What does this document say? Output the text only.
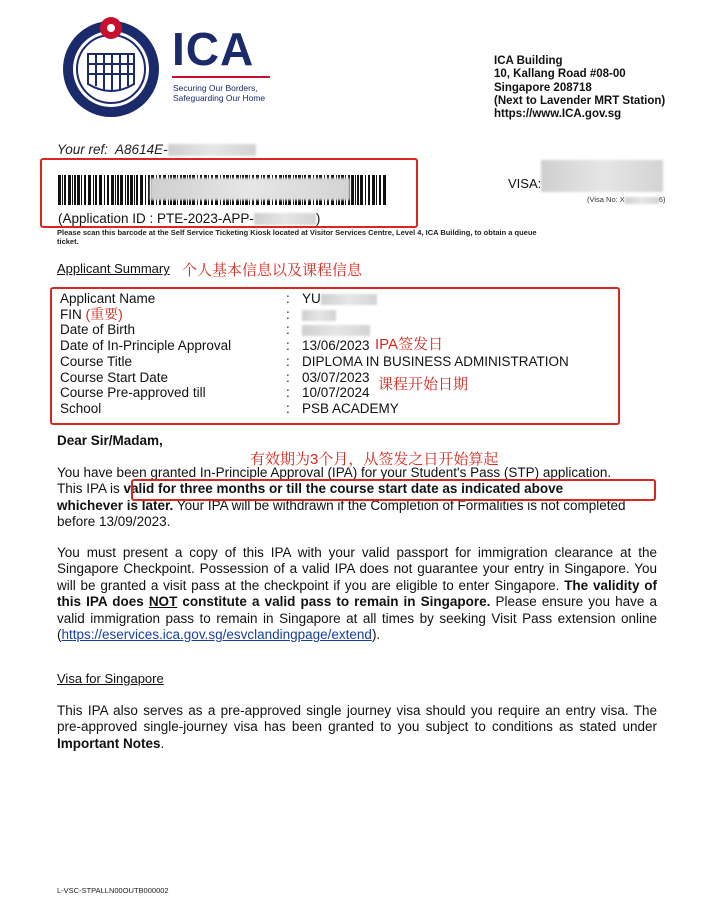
ICA
Securing Our Borders,
Safeguarding Our Home
ICA Building
10, Kallang Road #08-00
Singapore 208718
(Next to Lavender MRT Station)
https://www.ICA.gov.sg
Your ref: A8614E-
(Application ID : PTE-2023-APP-	)
VISA:
(Visa No: X	6)
Please scan this barcode at the Self Service Ticketing Kiosk located at Visitor Services Centre, Level 4, ICA Building, to obtain a queue ticket.
Applicant Summary 个人基本信息以及课程信息
Applicant Name
FIN (重要)
Date of Birth
Date of In-Principle Approval
Course Title
Course Start Date
Course Pre-approved till
School
:
:
:
:
:
:
:
:
YU

13/06/2023
DIPLOMA IN BUSINESS ADMINISTRATION
03/07/2023
10/07/2024
PSB ACADEMY
IPA签发日
课程开始日期
Dear Sir/Madam,
有效期为3个月，从签发之日开始算起
You have been granted In-Principle Approval (IPA) for your Student's Pass (STP) application.
This IPA is valid for three months or till the course start date as indicated above
whichever is later. Your IPA will be withdrawn if the Completion of Formalities is not completed
before 13/09/2023.
You must present a copy of this IPA with your valid passport for immigration clearance at the Singapore Checkpoint. Possession of a valid IPA does not guarantee your entry in Singapore. You will be granted a visit pass at the checkpoint if you are eligible to enter Singapore. The validity of this IPA does NOT constitute a valid pass to remain in Singapore. Please ensure you have a valid immigration pass to remain in Singapore at all times by seeking Visit Pass extension online (https://eservices.ica.gov.sg/esvclandingpage/extend).
Visa for Singapore
This IPA also serves as a pre-approved single journey visa should you require an entry visa. The pre-approved single-journey visa has been granted to you subject to conditions as stated under Important Notes.
L-VSC-STPALLN00OUTB000002
